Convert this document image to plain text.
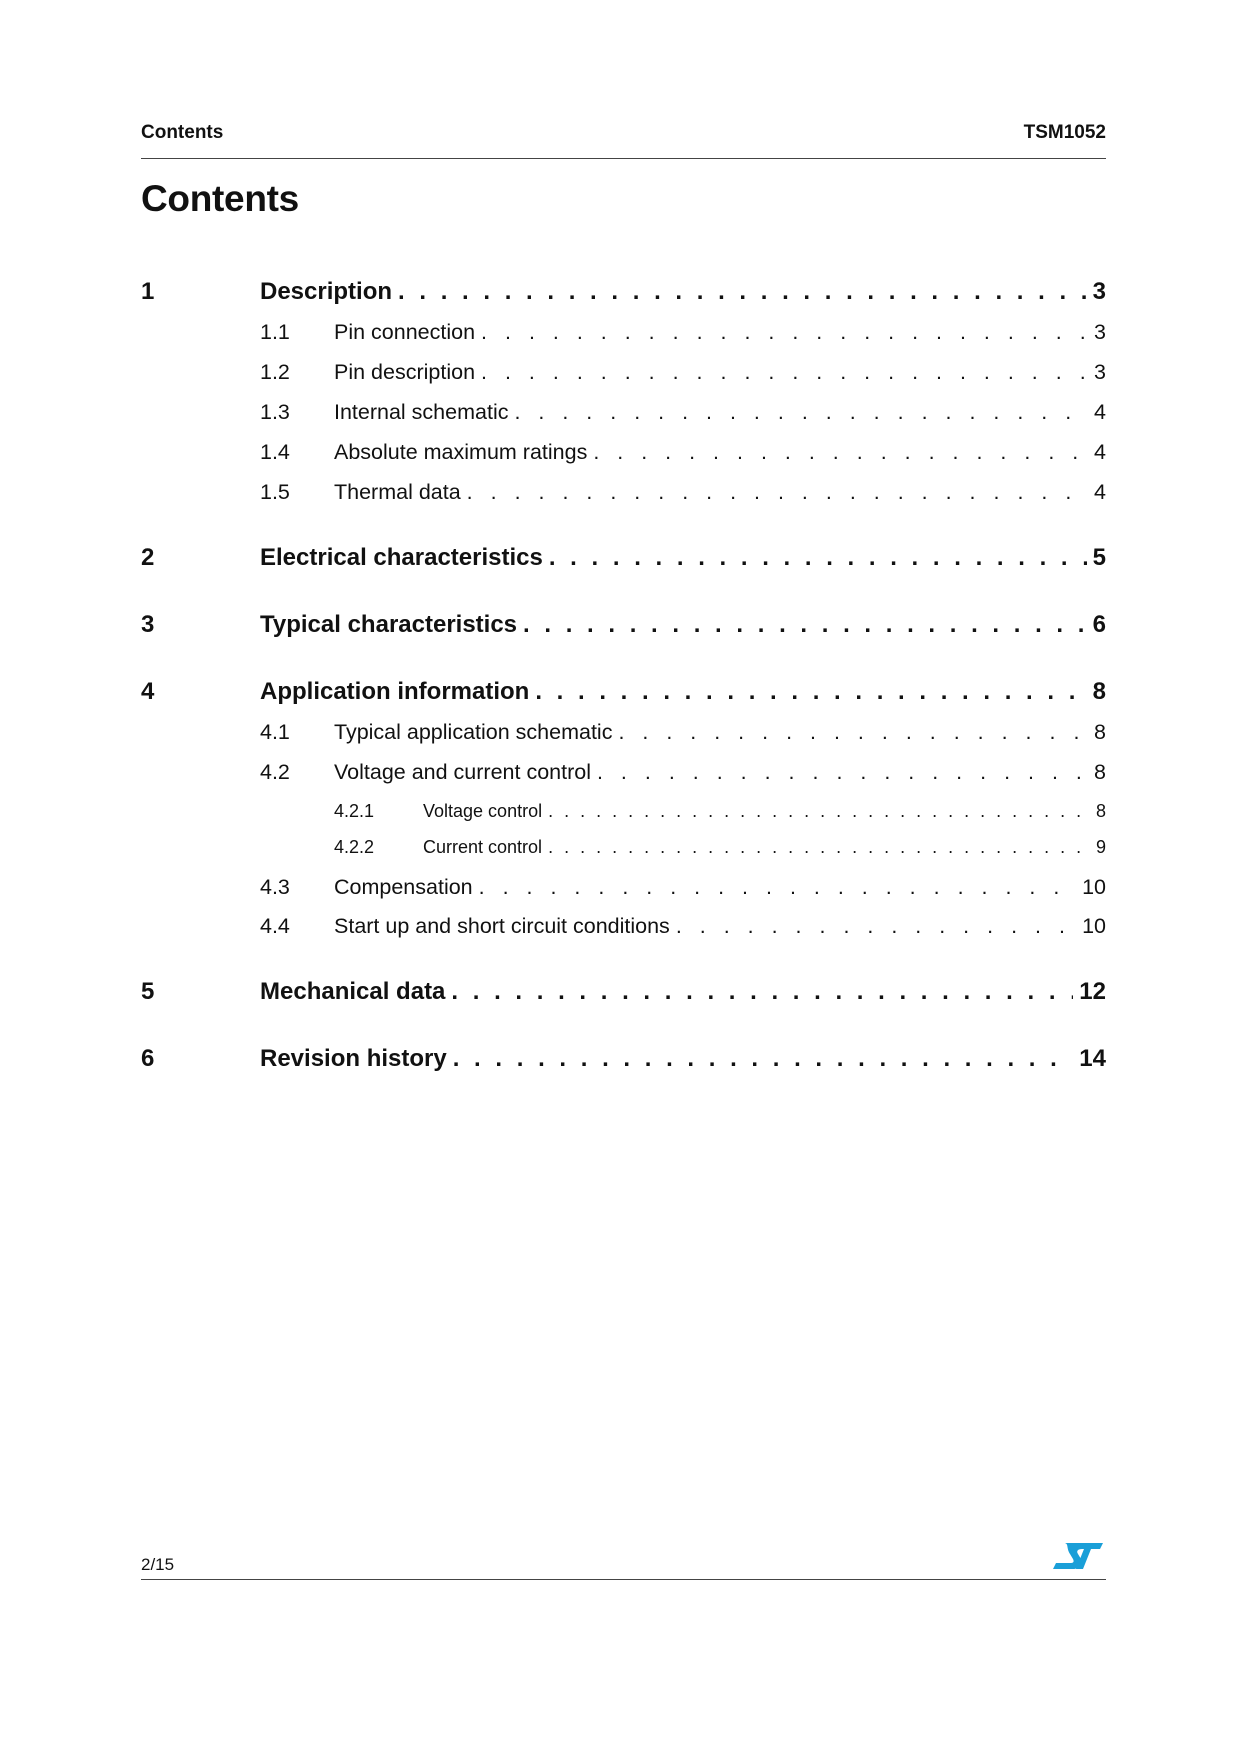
Contents	TSM1052
Contents
1	Description . . .	3
1.1 Pin connection . . .	3
1.2 Pin description . . .	3
1.3 Internal schematic . . .	4
1.4 Absolute maximum ratings . . .	4
1.5 Thermal data . . .	4
2	Electrical characteristics . . .	5
3	Typical characteristics . . .	6
4	Application information . . .	8
4.1 Typical application schematic . . .	8
4.2 Voltage and current control . . .	8
4.2.1	Voltage control . . .	8
4.2.2	Current control . . .	9
4.3 Compensation . . .	10
4.4 Start up and short circuit conditions . . .	10
5	Mechanical data . . .	12
6	Revision history . . .	14
2/15
